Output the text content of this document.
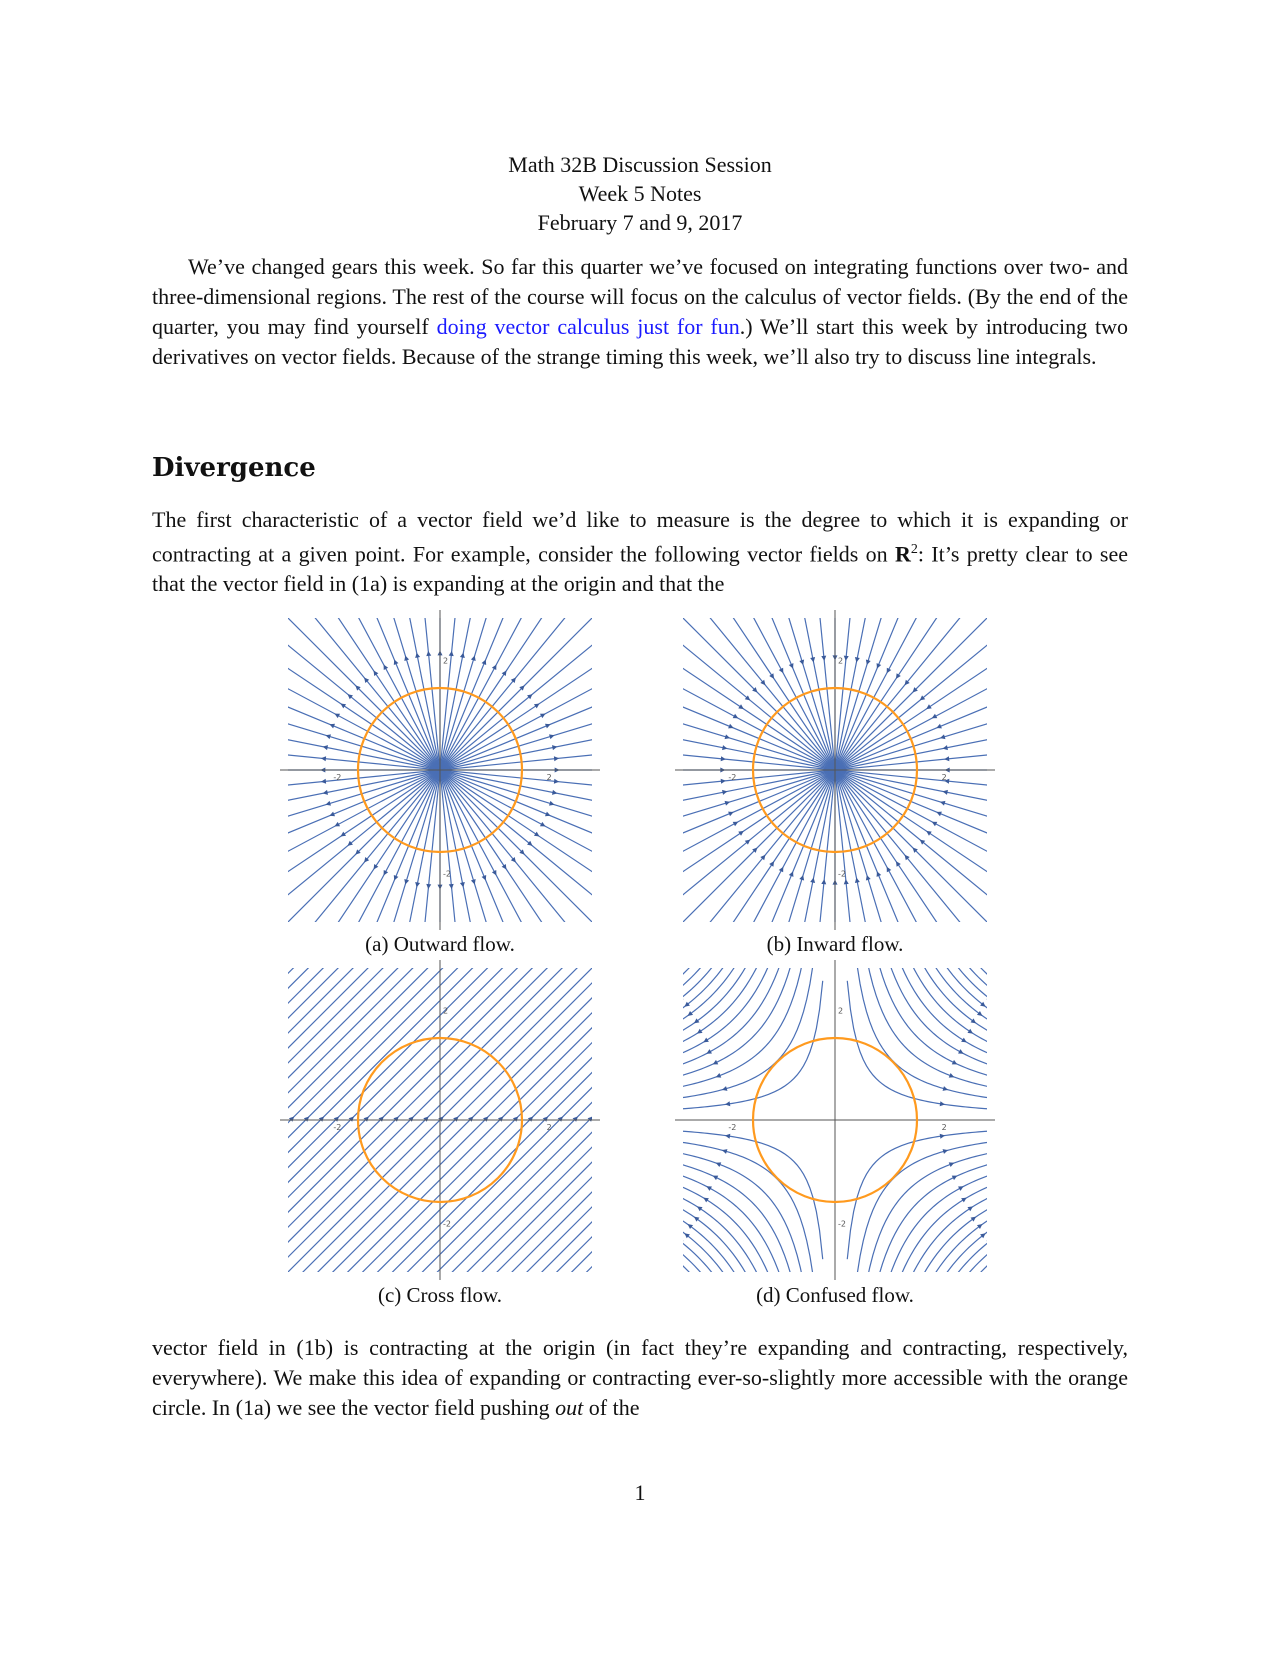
Math 32B Discussion Session
Week 5 Notes
February 7 and 9, 2017
We’ve changed gears this week. So far this quarter we’ve focused on integrating functions over two- and three-dimensional regions. The rest of the course will focus on the calculus of vector fields. (By the end of the quarter, you may find yourself doing vector calculus just for fun.) We’ll start this week by introducing two derivatives on vector fields. Because of the strange timing this week, we’ll also try to discuss line integrals.
Divergence
The first characteristic of a vector field we’d like to measure is the degree to which it is expanding or contracting at a given point. For example, consider the following vector fields on $R^2$: It’s pretty clear to see that the vector field in (1a) is expanding at the origin and that the
-2	2
2
-2
-2	2
2
-2
-2	2
2
-2
-2	2
2
-2
(a) Outward flow.	(b) Inward flow.
(c) Cross flow.	(d) Confused flow.
vector field in (1b) is contracting at the origin (in fact they’re expanding and contracting, respectively, everywhere). We make this idea of expanding or contracting ever-so-slightly more accessible with the orange circle. In (1a) we see the vector field pushing out of the
1
